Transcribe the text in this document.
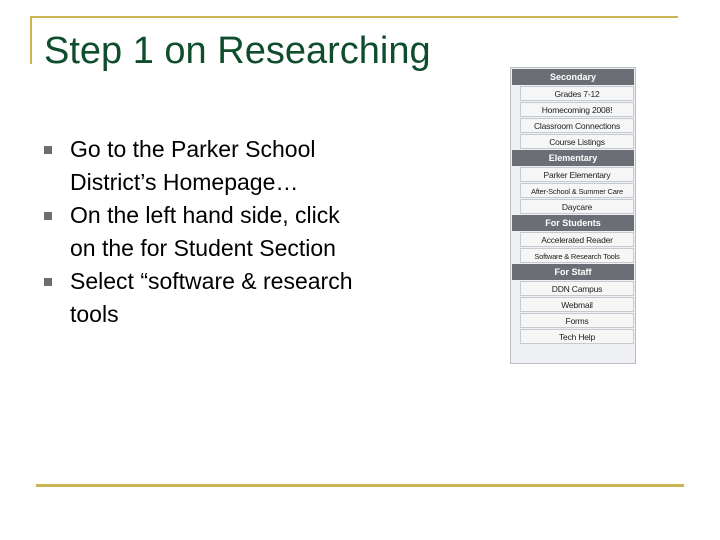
Step 1 on Researching
Go to the Parker School District’s Homepage…
On the left hand side, click on the for Student Section
Select “software & research tools
Secondary
Grades 7-12
Homecoming 2008!
Classroom Connections
Course Listings
Elementary
Parker Elementary
After-School & Summer Care
Daycare
For Students
Accelerated Reader
Software & Research Tools
For Staff
DDN Campus
Webmail
Forms
Tech Help
